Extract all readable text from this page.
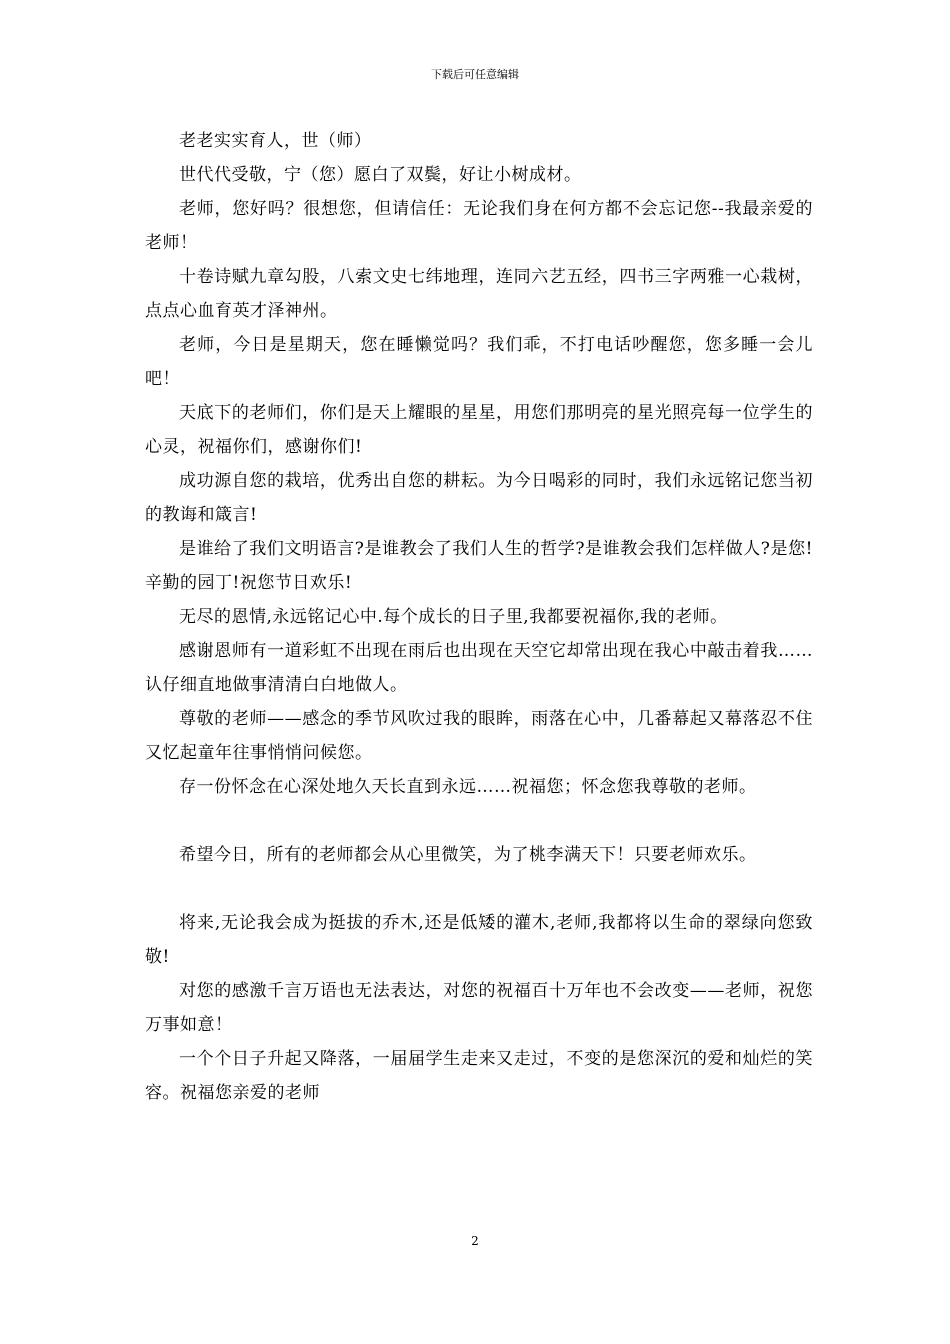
下载后可任意编辑

老老实实育人，世（师）

世代代受敬，宁（您）愿白了双鬓，好让小树成材。

老师，您好吗？很想您，但请信任：无论我们身在何方都不会忘记您--我最亲爱的老师！

十卷诗赋九章勾股，八索文史七纬地理，连同六艺五经，四书三字两雅一心栽树，点点心血育英才泽神州。

老师，今日是星期天，您在睡懒觉吗？我们乖，不打电话吵醒您，您多睡一会儿吧！

天底下的老师们，你们是天上耀眼的星星，用您们那明亮的星光照亮每一位学生的心灵，祝福你们，感谢你们!

成功源自您的栽培，优秀出自您的耕耘。为今日喝彩的同时，我们永远铭记您当初的教诲和箴言!

是谁给了我们文明语言?是谁教会了我们人生的哲学?是谁教会我们怎样做人?是您!辛勤的园丁!祝您节日欢乐!

无尽的恩情,永远铭记心中.每个成长的日子里,我都要祝福你,我的老师。

感谢恩师有一道彩虹不出现在雨后也出现在天空它却常出现在我心中敲击着我……认仔细直地做事清清白白地做人。

尊敬的老师——感念的季节风吹过我的眼眸，雨落在心中，几番幕起又幕落忍不住又忆起童年往事悄悄问候您。

存一份怀念在心深处地久天长直到永远……祝福您；怀念您我尊敬的老师。

希望今日，所有的老师都会从心里微笑，为了桃李满天下！只要老师欢乐。

将来,无论我会成为挺拔的乔木,还是低矮的灌木,老师,我都将以生命的翠绿向您致敬!

对您的感激千言万语也无法表达，对您的祝福百十万年也不会改变——老师，祝您万事如意！

一个个日子升起又降落，一届届学生走来又走过，不变的是您深沉的爱和灿烂的笑容。祝福您亲爱的老师

2
